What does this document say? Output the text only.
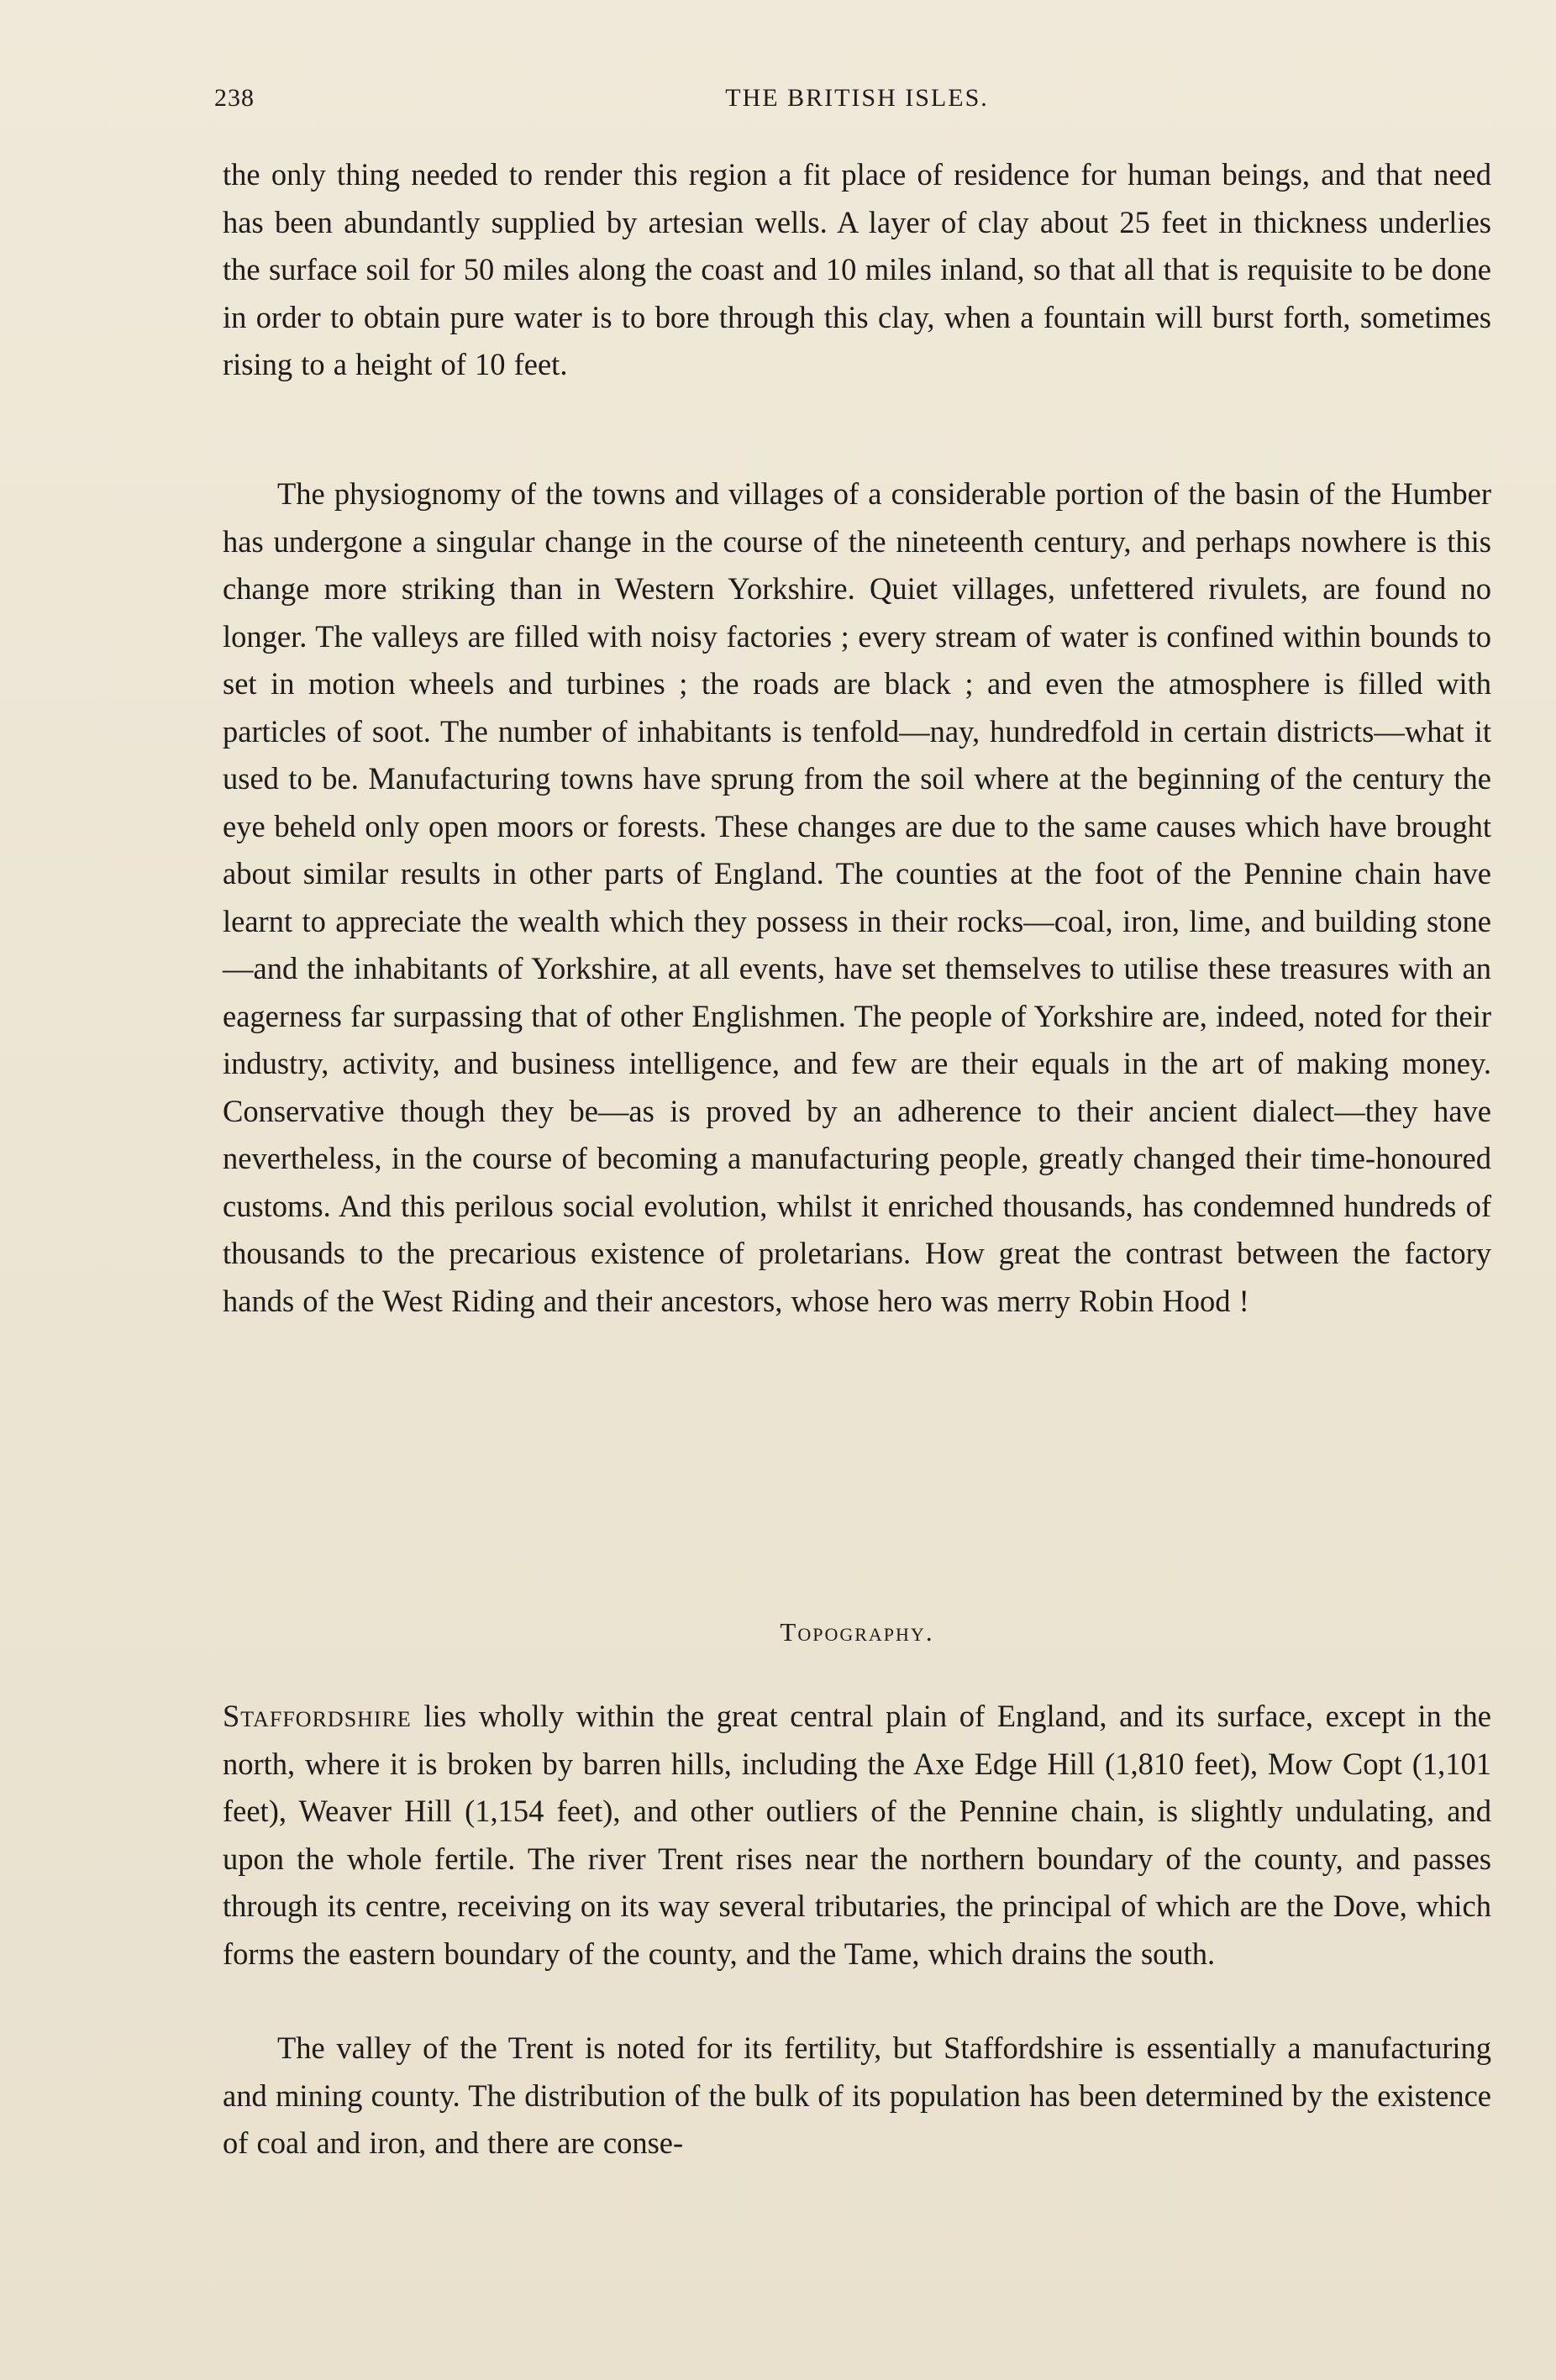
238	THE BRITISH ISLES.

the only thing needed to render this region a fit place of residence for human beings, and that need has been abundantly supplied by artesian wells. A layer of clay about 25 feet in thickness underlies the surface soil for 50 miles along the coast and 10 miles inland, so that all that is requisite to be done in order to obtain pure water is to bore through this clay, when a fountain will burst forth, sometimes rising to a height of 10 feet.

The physiognomy of the towns and villages of a considerable portion of the basin of the Humber has undergone a singular change in the course of the nineteenth century, and perhaps nowhere is this change more striking than in Western Yorkshire. Quiet villages, unfettered rivulets, are found no longer. The valleys are filled with noisy factories ; every stream of water is confined within bounds to set in motion wheels and turbines ; the roads are black ; and even the atmosphere is filled with particles of soot. The number of inhabitants is tenfold—nay, hundredfold in certain districts—what it used to be. Manufacturing towns have sprung from the soil where at the beginning of the century the eye beheld only open moors or forests. These changes are due to the same causes which have brought about similar results in other parts of England. The counties at the foot of the Pennine chain have learnt to appreciate the wealth which they possess in their rocks—coal, iron, lime, and building stone—and the inhabitants of Yorkshire, at all events, have set themselves to utilise these treasures with an eagerness far surpassing that of other Englishmen. The people of Yorkshire are, indeed, noted for their industry, activity, and business intelligence, and few are their equals in the art of making money. Conservative though they be—as is proved by an adherence to their ancient dialect—they have nevertheless, in the course of becoming a manufacturing people, greatly changed their time-honoured customs. And this perilous social evolution, whilst it enriched thousands, has condemned hundreds of thousands to the precarious existence of proletarians. How great the contrast between the factory hands of the West Riding and their ancestors, whose hero was merry Robin Hood !

Topography.

Staffordshire lies wholly within the great central plain of England, and its surface, except in the north, where it is broken by barren hills, including the Axe Edge Hill (1,810 feet), Mow Copt (1,101 feet), Weaver Hill (1,154 feet), and other outliers of the Pennine chain, is slightly undulating, and upon the whole fertile. The river Trent rises near the northern boundary of the county, and passes through its centre, receiving on its way several tributaries, the principal of which are the Dove, which forms the eastern boundary of the county, and the Tame, which drains the south.

The valley of the Trent is noted for its fertility, but Staffordshire is essentially a manufacturing and mining county. The distribution of the bulk of its population has been determined by the existence of coal and iron, and there are conse-
